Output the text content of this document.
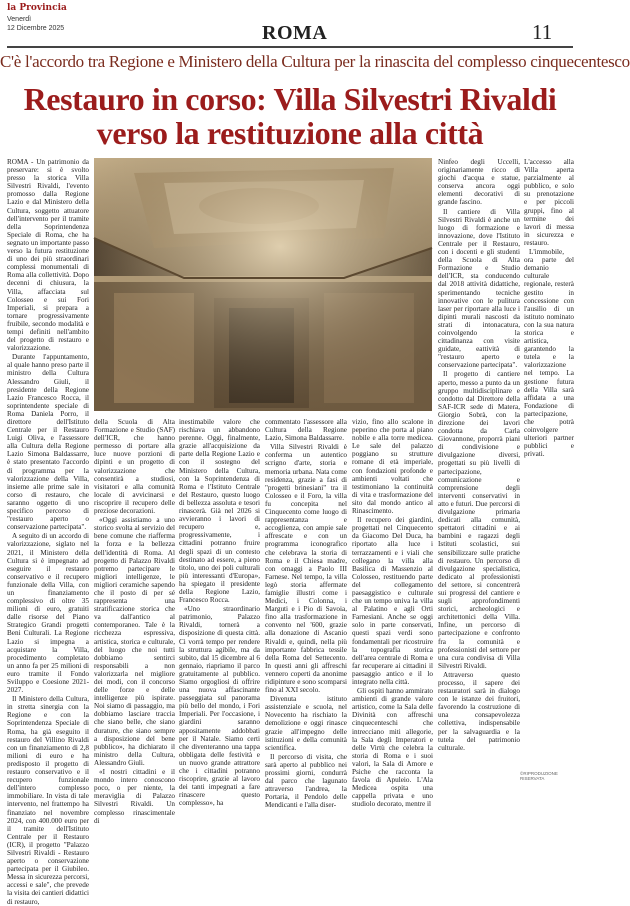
la Provincia
Venerdì
12 Dicembre 2025	ROMA	11
C'è l'accordo tra Regione e Ministero della Cultura per la rinascita del complesso cinquecentesco
Restauro in corso: Villa Silvestri Rivaldi
verso la restituzione alla città

ROMA - Un patrimonio da preservare: si è svolto presso la storica Villa Silvestri Rivaldi, l'evento promosso dalla Regione Lazio e dal Ministero della Cultura, soggetto attuatore dell'intervento per il tramite della Soprintendenza Speciale di Roma, che ha segnato un importante passo verso la futura restituzione di uno dei più straordinari complessi monumentali di Roma alla collettività. Dopo decenni di chiusura, la Villa, affacciata sul Colosseo e sui Fori Imperiali, si prepara a tornare progressivamente fruibile, secondo modalità e tempi definiti nell'ambito del progetto di restauro e valorizzazione.

Durante l'appuntamento, al quale hanno preso parte il ministro della Cultura Alessandro Giuli, il presidente della Regione Lazio Francesco Rocca, il soprintendente speciale di Roma Daniela Porro, il direttore dell'Istituto Centrale per il Restauro Luigi Oliva, e l'assessore alla Cultura della Regione Lazio Simona Baldassarre, è stato presentato l'accordo di programma per la valorizzazione della Villa, insieme alle prime sale in corso di restauro, che saranno oggetto di uno specifico percorso di "restauro aperto o conservazione partecipata".

A seguito di un accordo di valorizzazione, siglato nel 2021, il Ministero della Cultura si è impegnato ad eseguire il restauro conservativo e il recupero funzionale della Villa, con un finanziamento complessivo di oltre 35 milioni di euro, gratuiti dalle risorse del Piano Strategico Grandi progetti Beni Culturali. La Regione Lazio si impegna a acquistare la Villa, procedimento completato un anno fa per 25 milioni di euro tramite il Fondo Sviluppo e Coesione 2021-2027.

Il Ministero della Cultura, in stretta sinergia con la Regione e con la Soprintendenza Speciale di Roma, ha già eseguito il restauro del Villino Rivaldi con un finanziamento di 2,8 milioni di euro e ha predisposto il progetto di restauro conservativo e il recupero funzionale dell'intero complesso immobiliare. In vista di tale intervento, nel frattempo ha finanziato nel novembre 2024, con 400.000 euro per il tramite dell'Istituto Centrale per il Restauro (ICR), il progetto "Palazzo Silvestri Rivaldi - Restauro aperto o conservazione partecipata per il Giubileo. Messa in sicurezza percorsi, accessi e sale", che prevede la visita dei cantieri didattici di restauro,

della Scuola di Alta Formazione e Studio (SAF) dell'ICR, che hanno permesso di portare alla luce nuove porzioni di dipinti e un progetto di valorizzazione che consentirà a studiosi, visitatori e alla comunità locale di avvicinarsi e riscoprire il recupero delle preziose decorazioni.

«Oggi assistiamo a uno storico svolta al servizio del bene comune che riafferma la forza e la bellezza dell'identità di Roma. Al progetto di Palazzo Rivaldi potremo partecipare le migliori intelligenze, le migliori ceramiche sapendo che il posto di per sé rappresenta una stratificazione storica che va dall'antico al contemporaneo. Tale è la ricchezza espressiva, artistica, storica e culturale, del luogo che noi tutti dobbiamo sentirci responsabili a non valorizzarla nel migliore dei modi, con il concorso delle forze e delle intelligenze più ispirate. Noi siamo di passaggio, ma dobbiamo lasciare traccia che siano belle, che siano durature, che siano sempre a disposizione del bene pubblico», ha dichiarato il ministro della Cultura, Alessandro Giuli.

«I nostri cittadini e il mondo intero conoscono poco, o per niente, la meraviglia di Palazzo Silvestri Rivaldi. Un complesso rinascimentale di

inestimabile valore che rischiava un abbandono perenne. Oggi, finalmente, grazie all'acquisizione da parte della Regione Lazio e con il sostegno del Ministero della Cultura, con la Soprintendenza di Roma e l'Istituto Centrale del Restauro, questo luogo di bellezza assoluta e tesori rinascerà. Già nel 2026 si avvieranno i lavori di recupero e, progressivamente, i cittadini potranno fruire degli spazi di un contesto destinato ad essere, a pieno titolo, uno dei poli culturali più interessanti d'Europa», ha spiegato il presidente della Regione Lazio, Francesco Rocca.

«Uno straordinario patrimonio, Palazzo Rivaldi, tornerà a disposizione di questa città. Ci vorrà tempo per rendere la struttura agibile, ma da subito, dal 15 dicembre al 6 gennaio, riapriamo il parco gratuitamente al pubblico. Siamo orgogliosi di offrire una nuova affascinante passeggiata sul panorama più bello del mondo, i Fori Imperiali. Per l'occasione, i giardini saranno appositamente addobbati per il Natale. Siamo certi che diventeranno una tappa obbligata delle festività e un nuovo grande attrattore che i cittadini potranno riscoprire, grazie al lavoro dei tanti impegnati a fare rinascere questo complesso», ha

commentato l'assessore alla Cultura della Regione Lazio, Simona Baldassarre.

Villa Silvestri Rivaldi è conferma un autentico scrigno d'arte, storia e memoria urbana. Nata come residenza, grazie a fasi di "progetti brinesiani" tra il Colosseo e il Foro, la villa fu concepita nel Cinquecento come luogo di rappresentanza e accoglienza, con ampie sale affrescate e con un programma iconografico che celebrava la storia di Roma e il Chiesa madre, con omaggi a Paolo III Farnese. Nel tempo, la villa legò storia affermate famiglie illustri come i Medici, i Colonna, i Marguti e i Pio di Savoia, fino alla trasformazione in convento nel '600, grazie alla donazione di Ascanio Rivaldi e, quindi, nella più importante fabbrica tessile della Roma del Settecento. In questi anni gli affreschi vennero coperti da anonime ridipinture e sono scomparsi fino al XXI secolo.

Divenuta istituto assistenziale e scuola, nel Novecento ha rischiato la demolizione e oggi rinasce grazie all'impegno delle istituzioni e della comunità scientifica.

Il percorso di visita, che sarà aperto al pubblico nei prossimi giorni, condurrà dal parco che lagunato attraverso l'andrea, la Portaria, il Pendolo delle Mendicanti e l'alla diser-

vizio, fino allo scalone in peperino che porta al piano nobile e alla torre medicea. Le sale del palazzo poggiano su strutture romane di età imperiale, con fondazioni profonde e ambienti voltati che testimoniano la continuità di vita e trasformazione del sito dal mondo antico al Rinascimento.

Il recupero dei giardini, progettati nel Cinquecento da Giacomo Del Duca, ha riportato alla luce i terrazzamenti e i viali che collegano la villa alla Basilica di Massenzio al Colosseo, restituendo parte del collegamento paesaggistico e culturale che un tempo univa la villa al Palatino e agli Orti Farnesiani. Anche se oggi solo in parte conservati, questi spazi verdi sono fondamentali per ricostruire la topografia storica dell'area centrale di Roma e far recuperare ai cittadini il paesaggio antico e il lo integrato nella città.

Gli ospiti hanno ammirato ambienti di grande valore artistico, come la Sala delle Divinità con affreschi cinquecenteschi che intrecciano miti allegorie, la Sala degli Imperatori e delle Virtù che celebra la storia di Roma e i suoi valori, la Sala di Amore e Psiche che racconta la favola di Apuleio. L'Ala Medicea ospita una cappella privata e uno studiolo decorato, mentre il

Ninfeo degli Uccelli, originariamente ricco di giochi d'acqua e statue, conserva ancora oggi elementi decorativi di grande fascino.

Il cantiere di Villa Silvestri Rivaldi è anche un luogo di formazione e innovazione, dove l'Istituto Centrale per il Restauro, con i docenti e gli studenti della Scuola di Alta Formazione e Studio dell'ICR, sta conducendo dal 2018 attività didattiche, sperimentando tecniche innovative con le pulitura laser per riportare alla luce i dipinti murali nascosti da strati di intonacatura, coinvolgendo la cittadinanza con visite guidate, eattività di "restauro aperto e conservazione partecipata".

Il progetto di cantiere aperto, messo a punto da un gruppo multidisciplinare e condotto dal Direttore della SAF-ICR sede di Matera, Giorgio Sobrà, con la direzione dei lavori condotta da Carla Giovannone, proporrà piani di condivisione e divulgazione diversi, progettati su più livelli di partecipazione, comunicazione e comprensione degli interventi conservativi in atto e futuri. Due percorsi di divulgazione primaria dedicati alla comunità, spettatori cittadini e ai bambini e ragazzi degli Istituti scolastici, sui sensibilizzare sulle pratiche di restauro. Un percorso di divulgazione specialistica, dedicato al professionisti del settore, si concentrerà sui progressi del cantiere e sugli approfondimenti storici, archeologici e architettonici della Villa. Infine, un percorso di partecipazione e confronto fra la comunità e professionisti del settore per una cura condivisa di Villa Silvestri Rivaldi.

Attraverso questo processo, il sapere dei restauratori sarà in dialogo con le istanze dei fruitori, favorendo la costruzione di una consapevolezza collettiva, indispensabile per la salvaguardia e la tutela del patrimonio culturale.

L'accesso alla Villa aperta parzialmente al pubblico, e solo su prenotazione e per piccoli gruppi, fino al termine dei lavori di messa in sicurezza e restauro.

L'immobile, ora parte del demanio culturale regionale, resterà gestito in concessione con l'ausilio di un istituto nominato con la sua natura storica e artistica, garantendo la tutela e la valorizzazione nel tempo. La gestione futura della Villa sarà affidata a una Fondazione di partecipazione, che potrà coinvolgere ulteriori partner pubblici e privati.

©RIPRODUZIONE RISERVATA
